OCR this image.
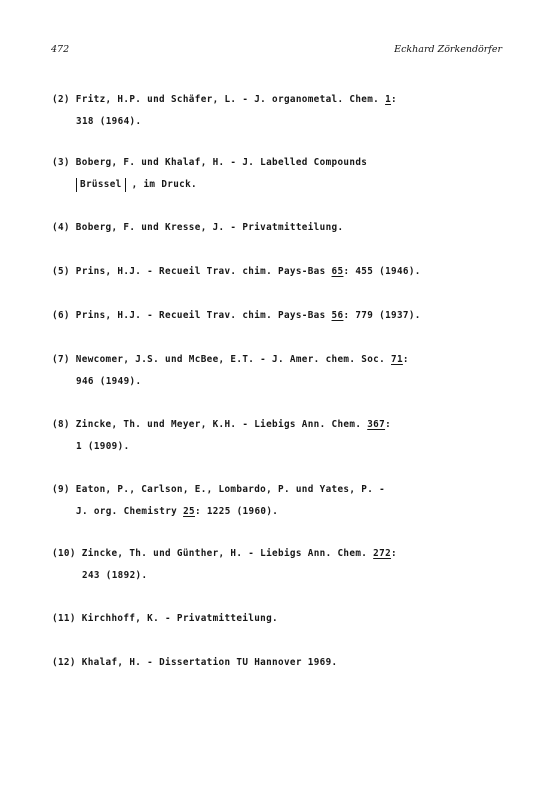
472	Eckhard Zörkendörfer
(2) Fritz, H.P. und Schäfer, L. - J. organometal. Chem. 1:
318 (1964).
(3) Boberg, F. und Khalaf, H. - J. Labelled Compounds
Brüssel , im Druck.
(4) Boberg, F. und Kresse, J. - Privatmitteilung.
(5) Prins, H.J. - Recueil Trav. chim. Pays-Bas 65: 455 (1946).
(6) Prins, H.J. - Recueil Trav. chim. Pays-Bas 56: 779 (1937).
(7) Newcomer, J.S. und McBee, E.T. - J. Amer. chem. Soc. 71:
946 (1949).
(8) Zincke, Th. und Meyer, K.H. - Liebigs Ann. Chem. 367:
1 (1909).
(9) Eaton, P., Carlson, E., Lombardo, P. und Yates, P. -
J. org. Chemistry 25: 1225 (1960).
(10) Zincke, Th. und Günther, H. - Liebigs Ann. Chem. 272:
243 (1892).
(11) Kirchhoff, K. - Privatmitteilung.
(12) Khalaf, H. - Dissertation TU Hannover 1969.
